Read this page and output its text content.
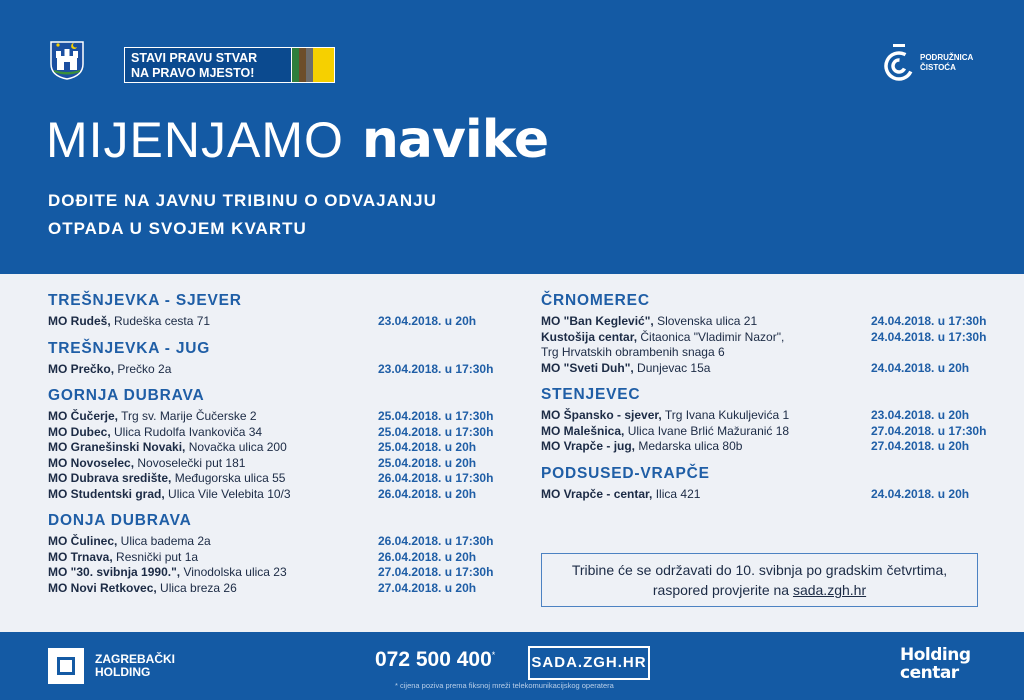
STAVI PRAVU STVAR
NA PRAVO MJESTO!
PODRUŽNICA
ČISTOĆA
MIJENJAMO navike
DOĐITE NA JAVNU TRIBINU O ODVAJANJU
OTPADA U SVOJEM KVARTU
TREŠNJEVKA - SJEVER
MO Rudeš, Rudeška cesta 71	23.04.2018. u 20h
TREŠNJEVKA - JUG
MO Prečko, Prečko 2a	23.04.2018. u 17:30h
GORNJA DUBRAVA
MO Čučerje, Trg sv. Marije Čučerske 2	25.04.2018. u 17:30h
MO Dubec, Ulica Rudolfa Ivankoviča 34	25.04.2018. u 17:30h
MO Granešinski Novaki, Novačka ulica 200	25.04.2018. u 20h
MO Novoselec, Novoselečki put 181	25.04.2018. u 20h
MO Dubrava središte, Međugorska ulica 55	26.04.2018. u 17:30h
MO Studentski grad, Ulica Vile Velebita 10/3	26.04.2018. u 20h
DONJA DUBRAVA
MO Čulinec, Ulica badema 2a	26.04.2018. u 17:30h
MO Trnava, Resnički put 1a	26.04.2018. u 20h
MO "30. svibnja 1990.", Vinodolska ulica 23	27.04.2018. u 17:30h
MO Novi Retkovec, Ulica breza 26	27.04.2018. u 20h
ČRNOMEREC
MO "Ban Keglević", Slovenska ulica 21	24.04.2018. u 17:30h
Kustošija centar, Čitaonica "Vladimir Nazor",	24.04.2018. u 17:30h
Trg Hrvatskih obrambenih snaga 6
MO "Sveti Duh", Dunjevac 15a	24.04.2018. u 20h
STENJEVEC
MO Špansko - sjever, Trg Ivana Kukuljevića 1	23.04.2018. u 20h
MO Malešnica, Ulica Ivane Brlić Mažuranić 18	27.04.2018. u 17:30h
MO Vrapče - jug, Medarska ulica 80b	27.04.2018. u 20h
PODSUSED-VRAPČE
MO Vrapče - centar, Ilica 421	24.04.2018. u 20h
Tribine će se održavati do 10. svibnja po gradskim četvrtima,
raspored provjerite na sada.zgh.hr
ZAGREBAČKI
HOLDING
072 500 400* SADA.ZGH.HR
* cijena poziva prema fiksnoj mreži telekomunikacijskog operatera
Holding
centar
